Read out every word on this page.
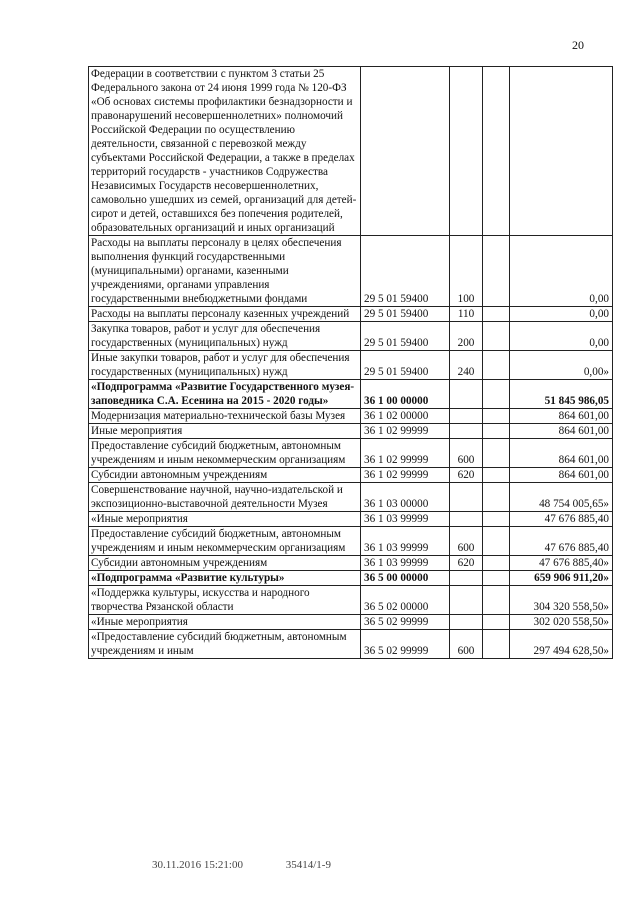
20
Федерации в соответствии с пунктом 3 статьи 25 Федерального закона от 24 июня 1999 года № 120-ФЗ «Об основах системы профилактики безнадзорности и правонарушений несовершеннолетних» полномочий Российской Федерации по осуществлению деятельности, связанной с перевозкой между субъектами Российской Федерации, а также в пределах территорий государств - участников Содружества Независимых Государств несовершеннолетних, самовольно ушедших из семей, организаций для детей-сирот и детей, оставшихся без попечения родителей, образовательных организаций и иных организаций				
Расходы на выплаты персоналу в целях обеспечения выполнения функций государственными (муниципальными) органами, казенными учреждениями, органами управления государственными внебюджетными фондами	29 5 01 59400	100		0,00
Расходы на выплаты персоналу казенных учреждений	29 5 01 59400	110		0,00
Закупка товаров, работ и услуг для обеспечения государственных (муниципальных) нужд	29 5 01 59400	200		0,00
Иные закупки товаров, работ и услуг для обеспечения государственных (муниципальных) нужд	29 5 01 59400	240		0,00»
«Подпрограмма «Развитие Государственного музея-заповедника С.А. Есенина на 2015 - 2020 годы»	36 1 00 00000			51 845 986,05
Модернизация материально-технической базы Музея	36 1 02 00000			864 601,00
Иные мероприятия	36 1 02 99999			864 601,00
Предоставление субсидий бюджетным, автономным учреждениям и иным некоммерческим организациям	36 1 02 99999	600		864 601,00
Субсидии автономным учреждениям	36 1 02 99999	620		864 601,00
Совершенствование научной, научно-издательской и экспозиционно-выставочной деятельности Музея	36 1 03 00000			48 754 005,65»
«Иные мероприятия	36 1 03 99999			47 676 885,40
Предоставление субсидий бюджетным, автономным учреждениям и иным некоммерческим организациям	36 1 03 99999	600		47 676 885,40
Субсидии автономным учреждениям	36 1 03 99999	620		47 676 885,40»
«Подпрограмма «Развитие культуры»	36 5 00 00000			659 906 911,20»
«Поддержка культуры, искусства и народного творчества Рязанской области	36 5 02 00000			304 320 558,50»
«Иные мероприятия	36 5 02 99999			302 020 558,50»
«Предоставление субсидий бюджетным, автономным учреждениям и иным	36 5 02 99999	600		297 494 628,50»
30.11.2016 15:21:00	35414/1-9
